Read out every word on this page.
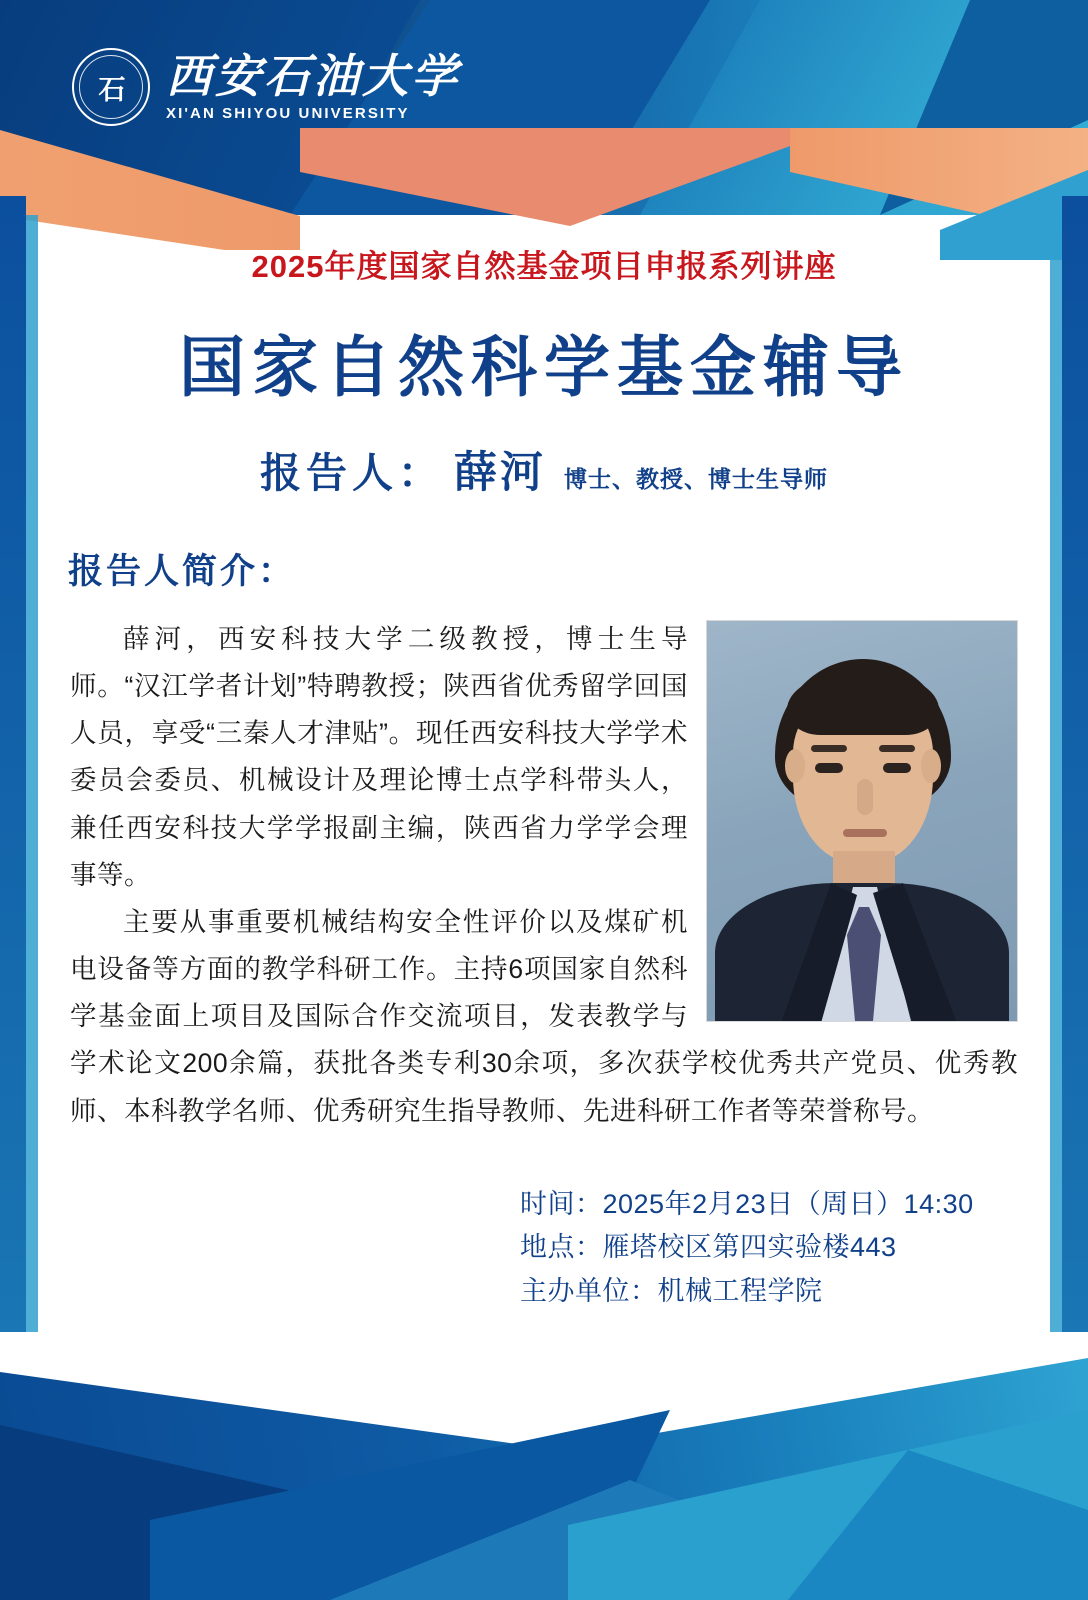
石 西安石油大学
XI'AN SHIYOU UNIVERSITY
2025年度国家自然基金项目申报系列讲座
国家自然科学基金辅导
报告人： 薛河 博士、教授、博士生导师
报告人简介：

薛河，西安科技大学二级教授，博士生导师。“汉江学者计划”特聘教授；陕西省优秀留学回国人员，享受“三秦人才津贴”。现任西安科技大学学术委员会委员、机械设计及理论博士点学科带头人，兼任西安科技大学学报副主编，陕西省力学学会理事等。

主要从事重要机械结构安全性评价以及煤矿机电设备等方面的教学科研工作。主持6项国家自然科学基金面上项目及国际合作交流项目，发表教学与学术论文200余篇，获批各类专利30余项，多次获学校优秀共产党员、优秀教师、本科教学名师、优秀研究生指导教师、先进科研工作者等荣誉称号。

时间：2025年2月23日（周日）14:30
地点：雁塔校区第四实验楼443
主办单位：机械工程学院
